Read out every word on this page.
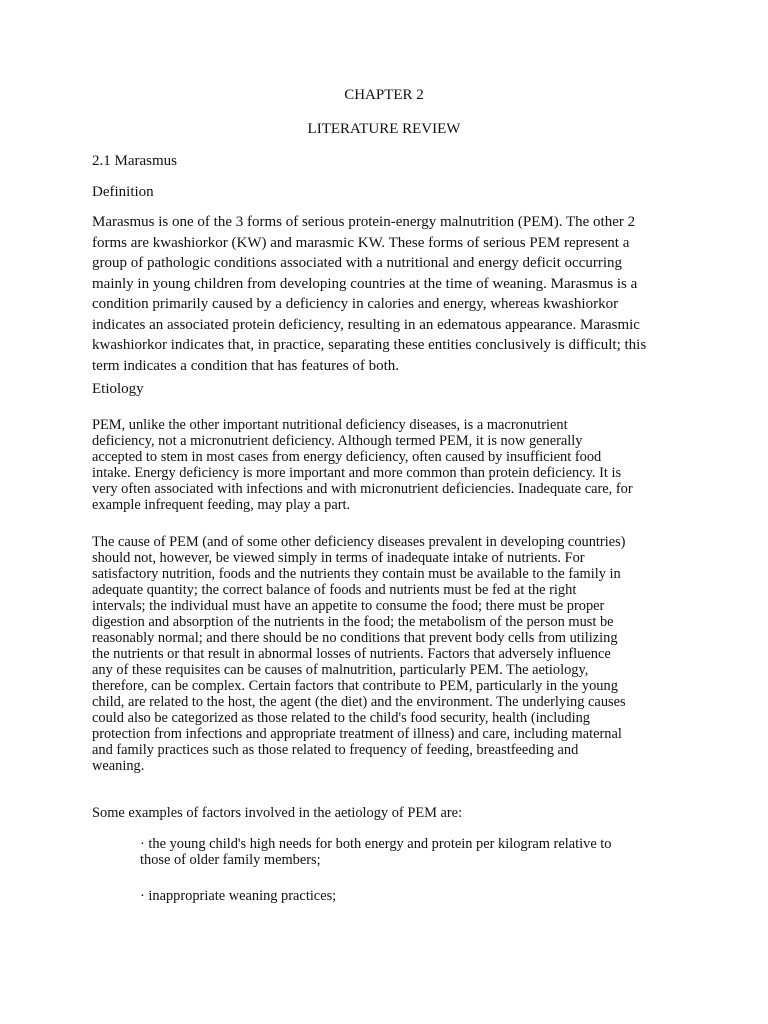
CHAPTER 2
LITERATURE REVIEW
2.1 Marasmus
Definition
Marasmus is one of the 3 forms of serious protein-energy malnutrition (PEM). The other 2
forms are kwashiorkor (KW) and marasmic KW. These forms of serious PEM represent a
group of pathologic conditions associated with a nutritional and energy deficit occurring
mainly in young children from developing countries at the time of weaning. Marasmus is a
condition primarily caused by a deficiency in calories and energy, whereas kwashiorkor
indicates an associated protein deficiency, resulting in an edematous appearance. Marasmic
kwashiorkor indicates that, in practice, separating these entities conclusively is difficult; this
term indicates a condition that has features of both.
Etiology
PEM, unlike the other important nutritional deficiency diseases, is a macronutrient
deficiency, not a micronutrient deficiency. Although termed PEM, it is now generally
accepted to stem in most cases from energy deficiency, often caused by insufficient food
intake. Energy deficiency is more important and more common than protein deficiency. It is
very often associated with infections and with micronutrient deficiencies. Inadequate care, for
example infrequent feeding, may play a part.
The cause of PEM (and of some other deficiency diseases prevalent in developing countries)
should not, however, be viewed simply in terms of inadequate intake of nutrients. For
satisfactory nutrition, foods and the nutrients they contain must be available to the family in
adequate quantity; the correct balance of foods and nutrients must be fed at the right
intervals; the individual must have an appetite to consume the food; there must be proper
digestion and absorption of the nutrients in the food; the metabolism of the person must be
reasonably normal; and there should be no conditions that prevent body cells from utilizing
the nutrients or that result in abnormal losses of nutrients. Factors that adversely influence
any of these requisites can be causes of malnutrition, particularly PEM. The aetiology,
therefore, can be complex. Certain factors that contribute to PEM, particularly in the young
child, are related to the host, the agent (the diet) and the environment. The underlying causes
could also be categorized as those related to the child's food security, health (including
protection from infections and appropriate treatment of illness) and care, including maternal
and family practices such as those related to frequency of feeding, breastfeeding and
weaning.
Some examples of factors involved in the aetiology of PEM are:
· the young child's high needs for both energy and protein per kilogram relative to
those of older family members;
· inappropriate weaning practices;
